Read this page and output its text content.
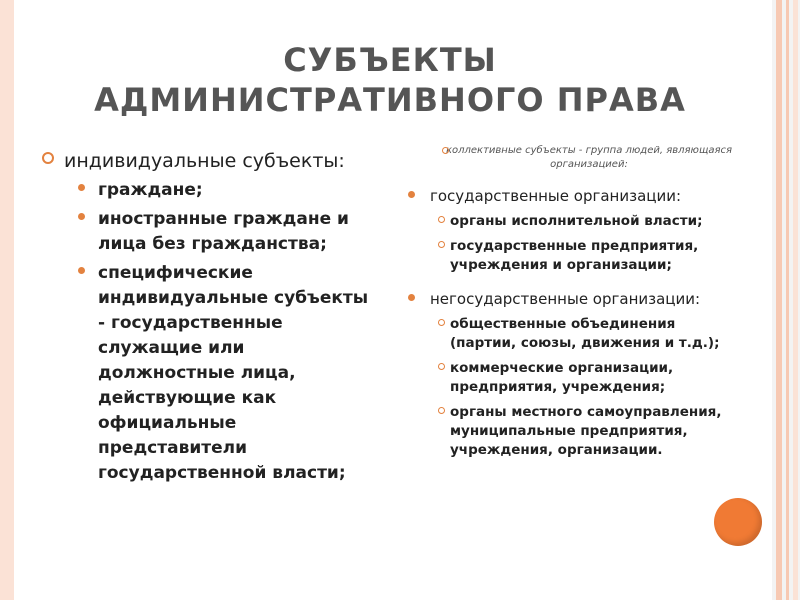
СУБЪЕКТЫ
АДМИНИСТРАТИВНОГО ПРАВА
индивидуальные субъекты:
граждане;
иностранные граждане и лица без гражданства;
специфические индивидуальные субъекты - государственные служащие или должностные лица, действующие как официальные представители государственной власти;
коллективные субъекты - группа людей, являющаяся организацией:
государственные организации:
органы исполнительной власти;
государственные предприятия, учреждения и организации;
негосударственные организации:
общественные объединения (партии, союзы, движения и т.д.);
коммерческие организации, предприятия, учреждения;
органы местного самоуправления, муниципальные предприятия, учреждения, организации.
